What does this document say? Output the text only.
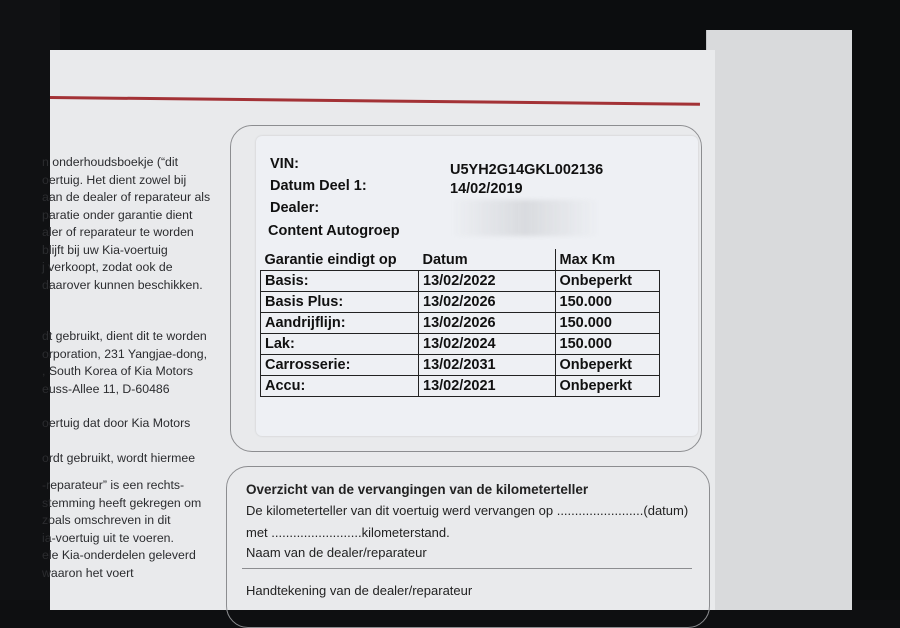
n onderhoudsboekje (“dit
oertuig. Het dient zowel bij
aan de dealer of reparateur als
paratie onder garantie dient
aler of reparateur te worden
blijft bij uw Kia-voertuig
j verkoopt, zodat ook de
daarover kunnen beschikken.
dt gebruikt, dient dit te worden
orporation, 231 Yangjae-dong,
, South Korea of Kia Motors
euss-Allee 11, D-60486
oertuig dat door Kia Motors
ordt gebruikt, wordt hiermee
-reparateur” is een rechts-
stemming heeft gekregen om
zoals omschreven in dit
ia-voertuig uit te voeren.
ele Kia-onderdelen geleverd
waaron het voert
VIN:	U5YH2G14GKL002136
Datum Deel 1:	14/02/2019
Dealer:
Content Autogroep
Garantie eindigt op	Datum	Max Km
Basis:	13/02/2022	Onbeperkt
Basis Plus:	13/02/2026	150.000
Aandrijflijn:	13/02/2026	150.000
Lak:	13/02/2024	150.000
Carrosserie:	13/02/2031	Onbeperkt
Accu:	13/02/2021	Onbeperkt
Overzicht van de vervangingen van de kilometerteller
De kilometerteller van dit voertuig werd vervangen op ........................(datum)
met .........................kilometerstand.
Naam van de dealer/reparateur
Handtekening van de dealer/reparateur
